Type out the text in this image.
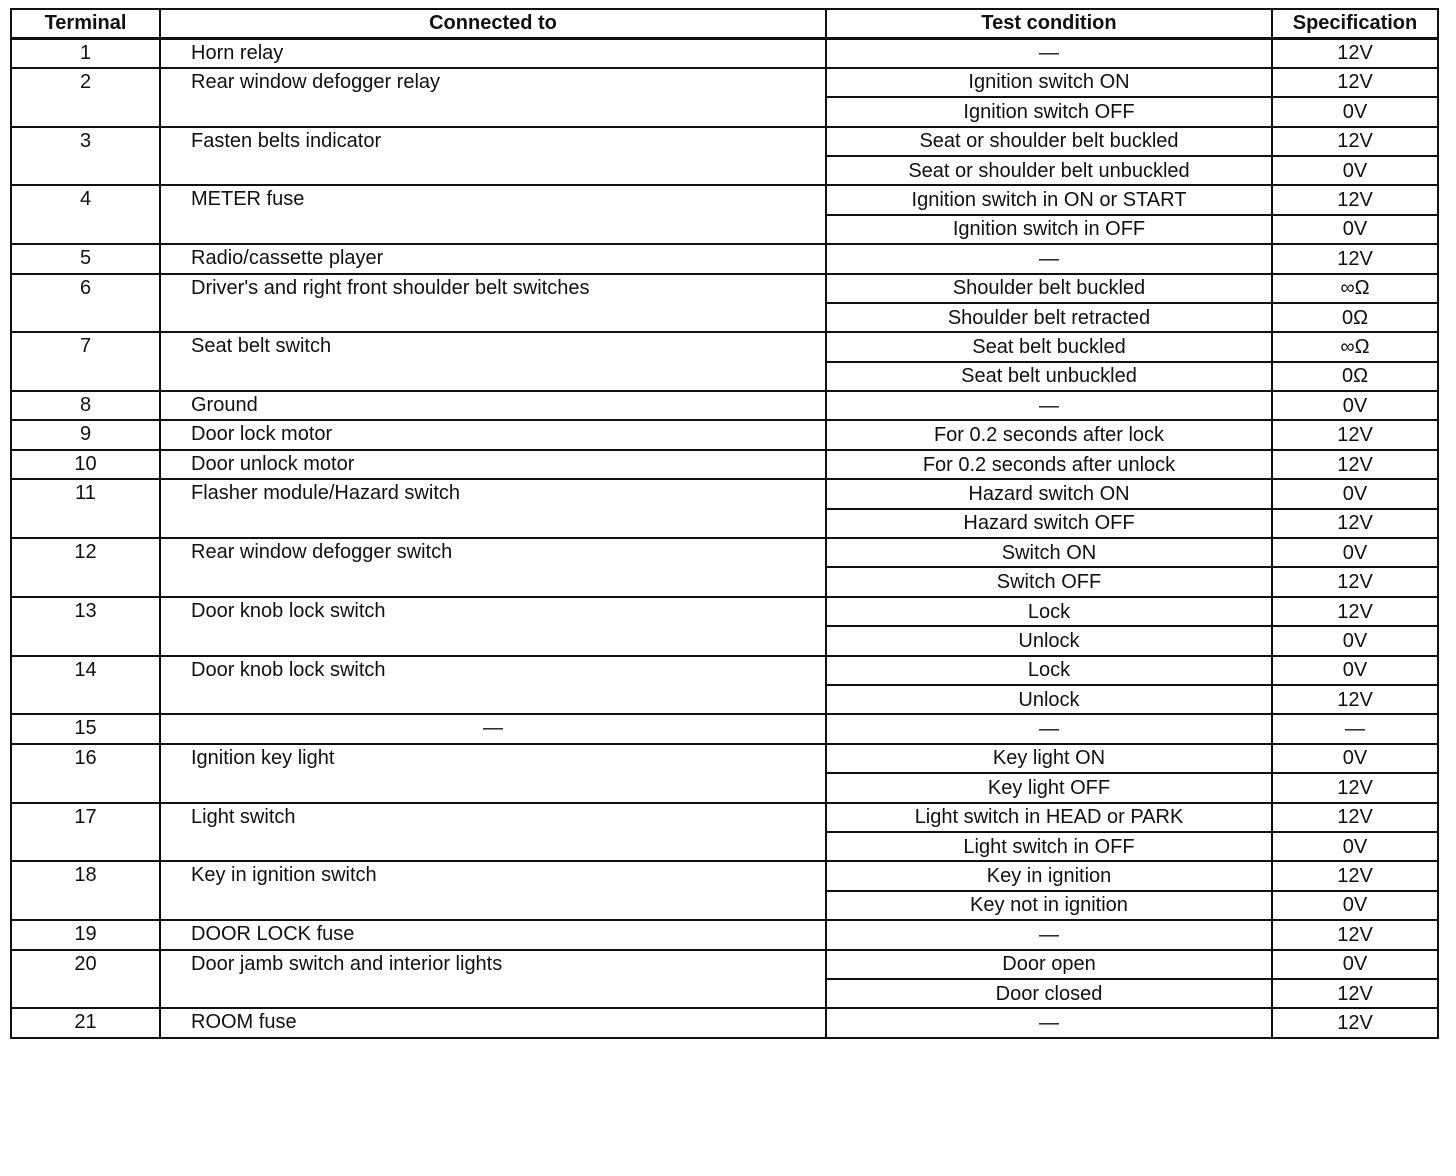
Terminal	Connected to	Test condition	Specification
1	Horn relay	—	12V
2	Rear window defogger relay	Ignition switch ON	12V
		Ignition switch OFF	0V
3	Fasten belts indicator	Seat or shoulder belt buckled	12V
		Seat or shoulder belt unbuckled	0V
4	METER fuse	Ignition switch in ON or START	12V
		Ignition switch in OFF	0V
5	Radio/cassette player	—	12V
6	Driver's and right front shoulder belt switches	Shoulder belt buckled	∞Ω
		Shoulder belt retracted	0Ω
7	Seat belt switch	Seat belt buckled	∞Ω
		Seat belt unbuckled	0Ω
8	Ground	—	0V
9	Door lock motor	For 0.2 seconds after lock	12V
10	Door unlock motor	For 0.2 seconds after unlock	12V
11	Flasher module/Hazard switch	Hazard switch ON	0V
		Hazard switch OFF	12V
12	Rear window defogger switch	Switch ON	0V
		Switch OFF	12V
13	Door knob lock switch	Lock	12V
		Unlock	0V
14	Door knob lock switch	Lock	0V
		Unlock	12V
15	—	—	—
16	Ignition key light	Key light ON	0V
		Key light OFF	12V
17	Light switch	Light switch in HEAD or PARK	12V
		Light switch in OFF	0V
18	Key in ignition switch	Key in ignition	12V
		Key not in ignition	0V
19	DOOR LOCK fuse	—	12V
20	Door jamb switch and interior lights	Door open	0V
		Door closed	12V
21	ROOM fuse	—	12V
